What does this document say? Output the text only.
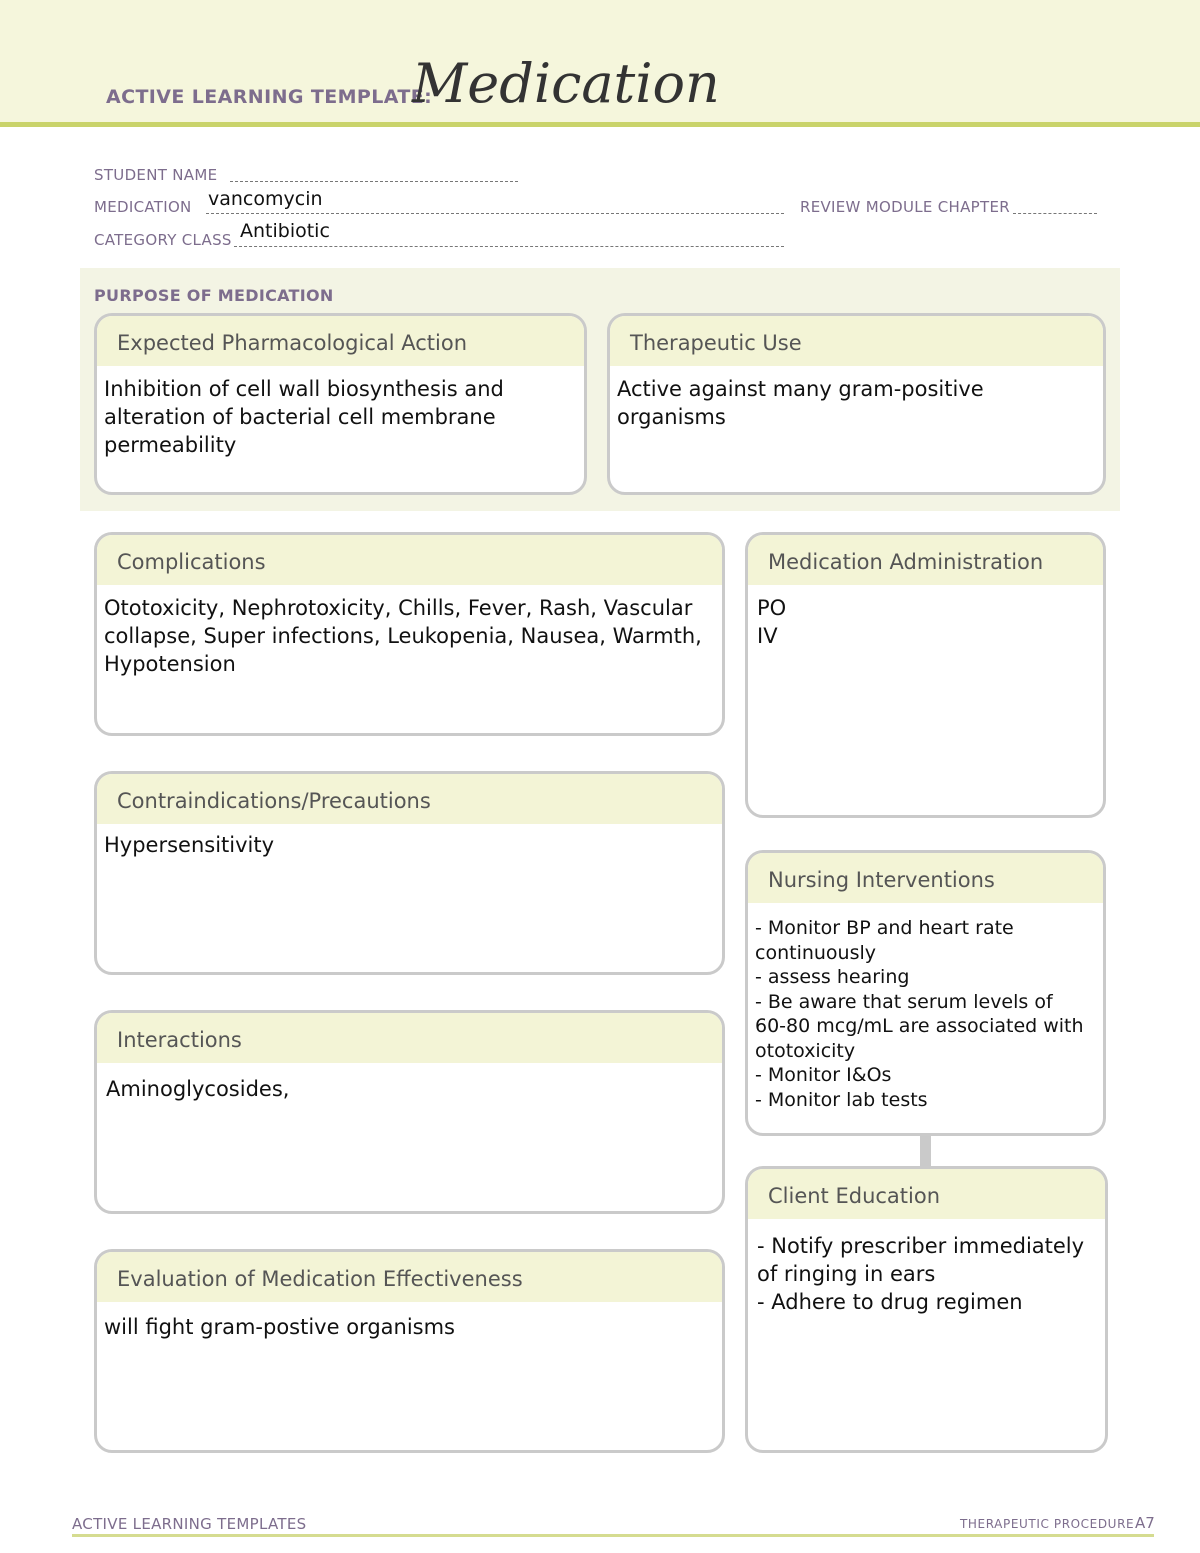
ACTIVE LEARNING TEMPLATE:
Medication
STUDENT NAME
MEDICATION vancomycin	REVIEW MODULE CHAPTER
CATEGORY CLASS Antibiotic
PURPOSE OF MEDICATION
Expected Pharmacological Action
Inhibition of cell wall biosynthesis and
alteration of bacterial cell membrane
permeability
Therapeutic Use
Active against many gram-positive organisms
Complications
Ototoxicity, Nephrotoxicity, Chills, Fever, Rash, Vascular
collapse, Super infections, Leukopenia, Nausea, Warmth,
Hypotension
Contraindications/Precautions
Hypersensitivity
Interactions
Aminoglycosides,
Evaluation of Medication Effectiveness
will fight gram-postive organisms
Medication Administration
PO
IV
Nursing Interventions
- Monitor BP and heart rate
continuously
- assess hearing
- Be aware that serum levels of
60-80 mcg/mL are associated with
ototoxicity
- Monitor I&Os
- Monitor lab tests
Client Education
- Notify prescriber immediately
of ringing in ears
- Adhere to drug regimen
ACTIVE LEARNING TEMPLATES	THERAPEUTIC PROCEDURE A7
